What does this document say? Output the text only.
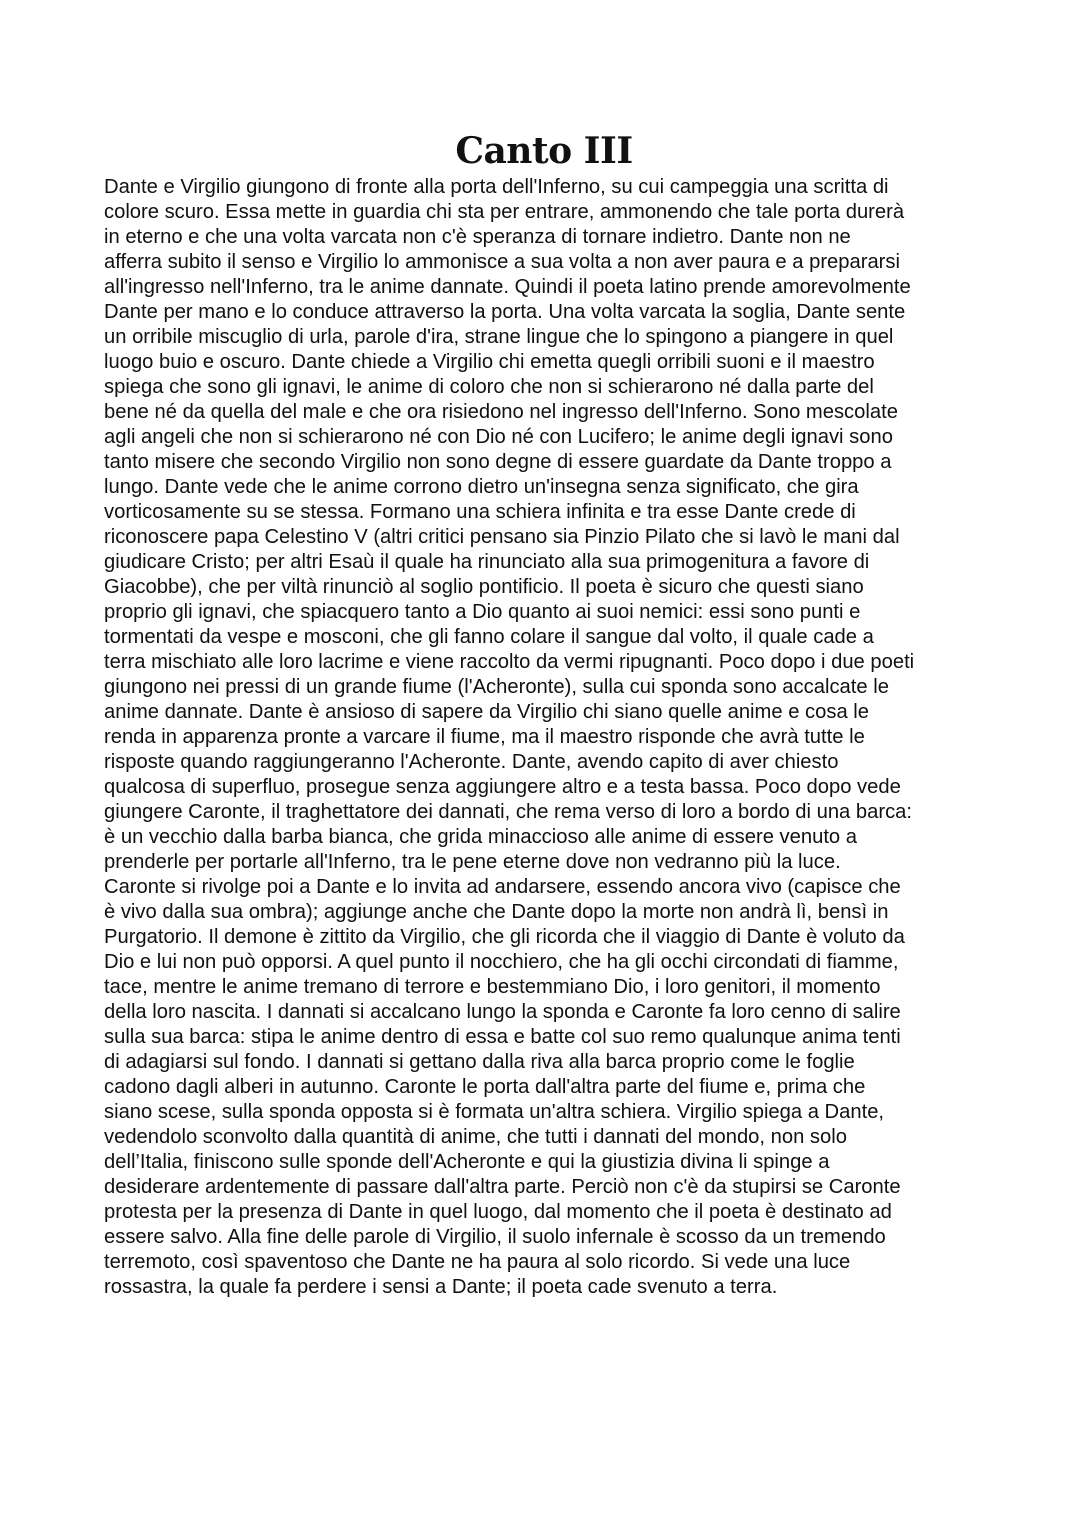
Canto III
Dante e Virgilio giungono di fronte alla porta dell'Inferno, su cui campeggia una scritta di
colore scuro. Essa mette in guardia chi sta per entrare, ammonendo che tale porta durerà
in eterno e che una volta varcata non c'è speranza di tornare indietro. Dante non ne
afferra subito il senso e Virgilio lo ammonisce a sua volta a non aver paura e a prepararsi
all'ingresso nell'Inferno, tra le anime dannate. Quindi il poeta latino prende amorevolmente
Dante per mano e lo conduce attraverso la porta. Una volta varcata la soglia, Dante sente
un orribile miscuglio di urla, parole d'ira, strane lingue che lo spingono a piangere in quel
luogo buio e oscuro. Dante chiede a Virgilio chi emetta quegli orribili suoni e il maestro
spiega che sono gli ignavi, le anime di coloro che non si schierarono né dalla parte del
bene né da quella del male e che ora risiedono nel ingresso dell'Inferno. Sono mescolate
agli angeli che non si schierarono né con Dio né con Lucifero; le anime degli ignavi sono
tanto misere che secondo Virgilio non sono degne di essere guardate da Dante troppo a
lungo. Dante vede che le anime corrono dietro un'insegna senza significato, che gira
vorticosamente su se stessa. Formano una schiera infinita e tra esse Dante crede di
riconoscere papa Celestino V (altri critici pensano sia Pinzio Pilato che si lavò le mani dal
giudicare Cristo; per altri Esaù il quale ha rinunciato alla sua primogenitura a favore di
Giacobbe), che per viltà rinunciò al soglio pontificio. Il poeta è sicuro che questi siano
proprio gli ignavi, che spiacquero tanto a Dio quanto ai suoi nemici: essi sono punti e
tormentati da vespe e mosconi, che gli fanno colare il sangue dal volto, il quale cade a
terra mischiato alle loro lacrime e viene raccolto da vermi ripugnanti. Poco dopo i due poeti
giungono nei pressi di un grande fiume (l'Acheronte), sulla cui sponda sono accalcate le
anime dannate. Dante è ansioso di sapere da Virgilio chi siano quelle anime e cosa le
renda in apparenza pronte a varcare il fiume, ma il maestro risponde che avrà tutte le
risposte quando raggiungeranno l'Acheronte. Dante, avendo capito di aver chiesto
qualcosa di superfluo, prosegue senza aggiungere altro e a testa bassa. Poco dopo vede
giungere Caronte, il traghettatore dei dannati, che rema verso di loro a bordo di una barca:
è un vecchio dalla barba bianca, che grida minaccioso alle anime di essere venuto a
prenderle per portarle all'Inferno, tra le pene eterne dove non vedranno più la luce.
Caronte si rivolge poi a Dante e lo invita ad andarsere, essendo ancora vivo (capisce che
è vivo dalla sua ombra); aggiunge anche che Dante dopo la morte non andrà lì, bensì in
Purgatorio. Il demone è zittito da Virgilio, che gli ricorda che il viaggio di Dante è voluto da
Dio e lui non può opporsi. A quel punto il nocchiero, che ha gli occhi circondati di fiamme,
tace, mentre le anime tremano di terrore e bestemmiano Dio, i loro genitori, il momento
della loro nascita. I dannati si accalcano lungo la sponda e Caronte fa loro cenno di salire
sulla sua barca: stipa le anime dentro di essa e batte col suo remo qualunque anima tenti
di adagiarsi sul fondo. I dannati si gettano dalla riva alla barca proprio come le foglie
cadono dagli alberi in autunno. Caronte le porta dall'altra parte del fiume e, prima che
siano scese, sulla sponda opposta si è formata un'altra schiera. Virgilio spiega a Dante,
vedendolo sconvolto dalla quantità di anime, che tutti i dannati del mondo, non solo
dell’Italia, finiscono sulle sponde dell'Acheronte e qui la giustizia divina li spinge a
desiderare ardentemente di passare dall'altra parte. Perciò non c'è da stupirsi se Caronte
protesta per la presenza di Dante in quel luogo, dal momento che il poeta è destinato ad
essere salvo. Alla fine delle parole di Virgilio, il suolo infernale è scosso da un tremendo
terremoto, così spaventoso che Dante ne ha paura al solo ricordo. Si vede una luce
rossastra, la quale fa perdere i sensi a Dante; il poeta cade svenuto a terra.
